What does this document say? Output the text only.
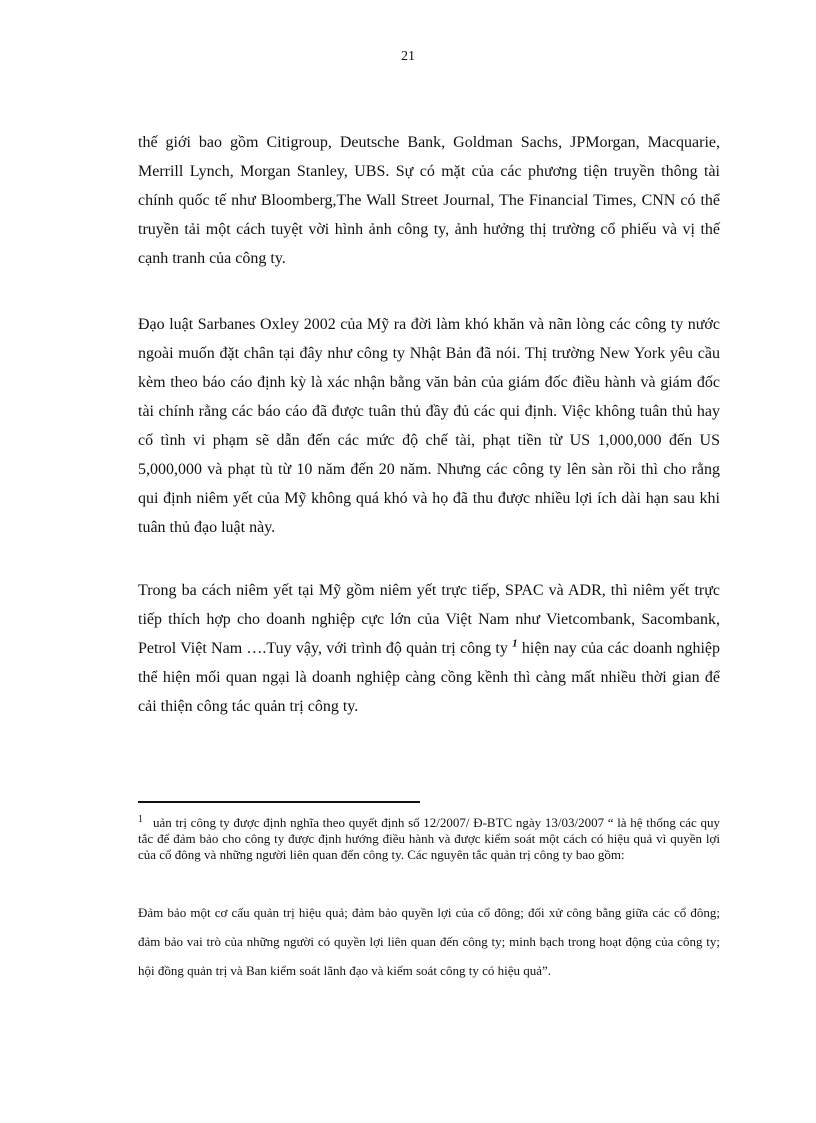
21

thế giới bao gồm Citigroup, Deutsche Bank, Goldman Sachs, JPMorgan, Macquarie, Merrill Lynch, Morgan Stanley, UBS. Sự có mặt của các phương tiện truyền thông tài chính quốc tế như Bloomberg,The Wall Street Journal, The Financial Times, CNN có thể truyền tải một cách tuyệt vời hình ảnh công ty, ảnh hưởng thị trường cổ phiếu và vị thế cạnh tranh của công ty.

Đạo luật Sarbanes Oxley 2002 của Mỹ ra đời làm khó khăn và nãn lòng các công ty nước ngoài muốn đặt chân tại đây như công ty Nhật Bản đã nói. Thị trường New York yêu cầu kèm theo báo cáo định kỳ là xác nhận bằng văn bản của giám đốc điều hành và giám đốc tài chính rằng các báo cáo đã được tuân thủ đầy đủ các qui định. Việc không tuân thủ hay cố tình vi phạm sẽ dẫn đến các mức độ chế tài, phạt tiền từ US 1,000,000 đến US 5,000,000 và phạt tù từ 10 năm đến 20 năm. Nhưng các công ty lên sàn rồi thì cho rằng qui định niêm yết của Mỹ không quá khó và họ đã thu được nhiều lợi ích dài hạn sau khi tuân thủ đạo luật này.

Trong ba cách niêm yết tại Mỹ gồm niêm yết trực tiếp, SPAC và ADR, thì niêm yết trực tiếp thích hợp cho doanh nghiệp cực lớn của Việt Nam như Vietcombank, Sacombank, Petrol Việt Nam ….Tuy vậy, với trình độ quản trị công ty $^1$ hiện nay của các doanh nghiệp thể hiện mối quan ngại là doanh nghiệp càng cồng kềnh thì càng mất nhiều thời gian để cải thiện công tác quản trị công ty.

$^1$ uản trị công ty được định nghĩa theo quyết định số 12/2007/ Đ-BTC ngày 13/03/2007 “ là hệ thống các quy tắc để đảm bảo cho công ty được định hướng điều hành và được kiểm soát một cách có hiệu quả vì quyền lợi của cổ đông và những người liên quan đến công ty. Các nguyên tắc quản trị công ty bao gồm:

Đảm bảo một cơ cấu quản trị hiệu quả; đảm bảo quyền lợi của cổ đông; đối xử công bằng giữa các cổ đông; đảm bảo vai trò của những người có quyền lợi liên quan đến công ty; minh bạch trong hoạt động của công ty; hội đồng quản trị và Ban kiểm soát lãnh đạo và kiểm soát công ty có hiệu quả”.
